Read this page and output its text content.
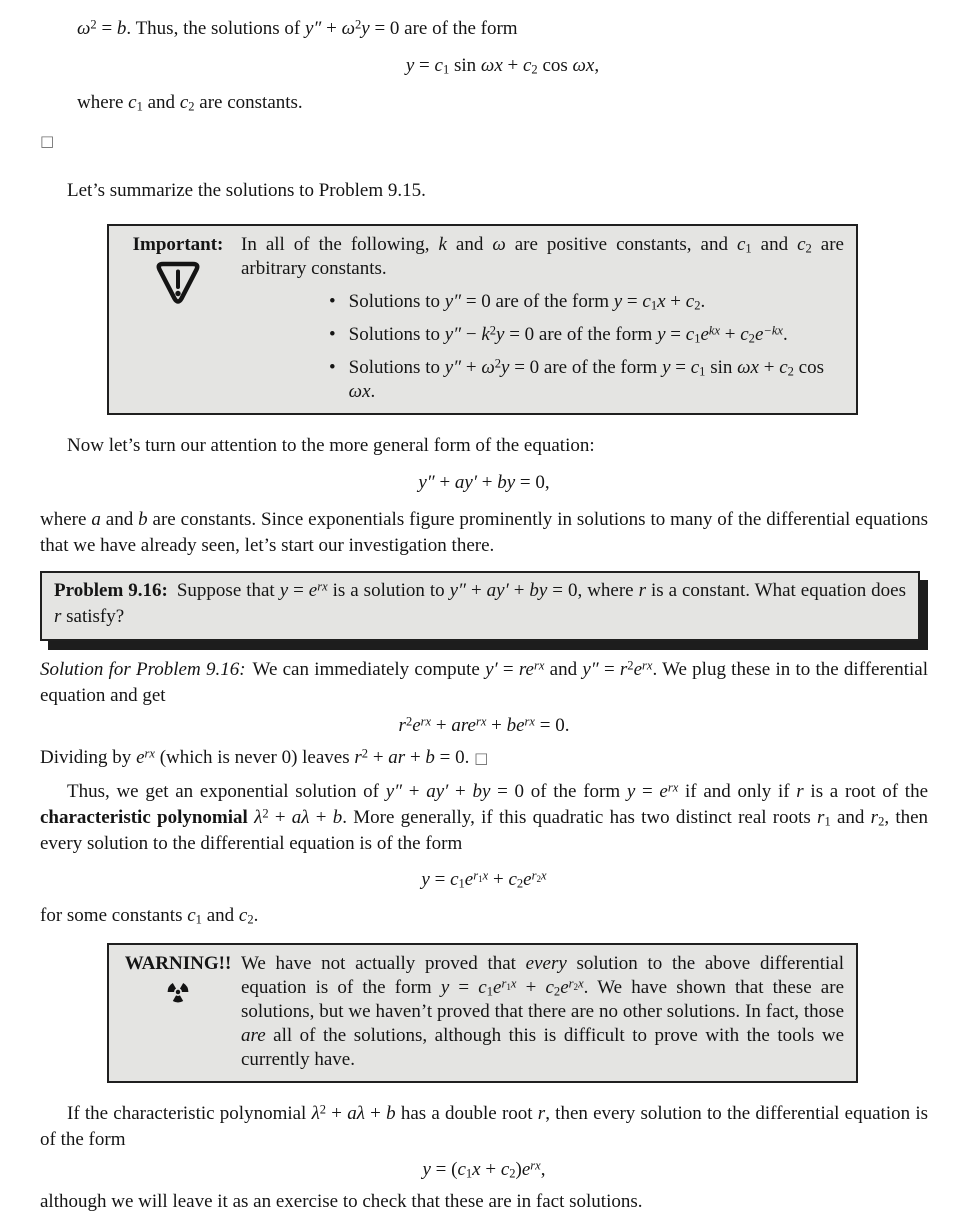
$\omega^2 = b$. Thus, the solutions of $y'' + \omega^2y = 0$ are of the form

y = c1 sin ωx + c2 cos ωx,

where c1 and c2 are constants.

□

Let’s summarize the solutions to Problem 9.15.

Important: In all of the following, k and ω are positive constants, and c1 and c2 are arbitrary constants.

• Solutions to y″ = 0 are of the form y = c1x + c2.
• Solutions to $y'' - k^2y = 0$ are of the form $y = c1e^{kx} + c2e^{-kx}$.
• Solutions to $y'' + \omega^2y = 0$ are of the form y = c1 sin ωx + c2 cos ωx.

Now let’s turn our attention to the more general form of the equation:

y″ + ay′ + by = 0,

where a and b are constants. Since exponentials figure prominently in solutions to many of the differential equations that we have already seen, let’s start our investigation there.

Problem 9.16: Suppose that $y = e^{rx}$ is a solution to y″ + ay′ + by = 0, where r is a constant. What equation does r satisfy?

Solution for Problem 9.16: We can immediately compute $y' = re^{rx}$ and $y'' = r^2e^{rx}$. We plug these in to the differential equation and get

$r^2e^{rx} + are^{rx} + be^{rx} = 0$.

Dividing by $e^{rx}$ (which is never 0) leaves $r^2$ + ar + b = 0. □

Thus, we get an exponential solution of y″ + ay′ + by = 0 of the form $y = e^{rx}$ if and only if r is a root of the characteristic polynomial $\lambda^2 + a\lambda + b$. More generally, if this quadratic has two distinct real roots r1 and r2, then every solution to the differential equation is of the form

$y = c1e^r1^x + c2e^r2^x$

for some constants c1 and c2.

WARNING!! We have not actually proved that every solution to the above differential equation is of the form $y = c1e^r1^x + c2e^r2^x$. We have shown that these are solutions, but we haven’t proved that there are no other solutions. In fact, those are all of the solutions, although this is difficult to prove with the tools we currently have.

If the characteristic polynomial $\lambda^2 + a\lambda + b$ has a double root r, then every solution to the differential equation is of the form

$y = (c1x + c2)e^{rx}$,

although we will leave it as an exercise to check that these are in fact solutions.
